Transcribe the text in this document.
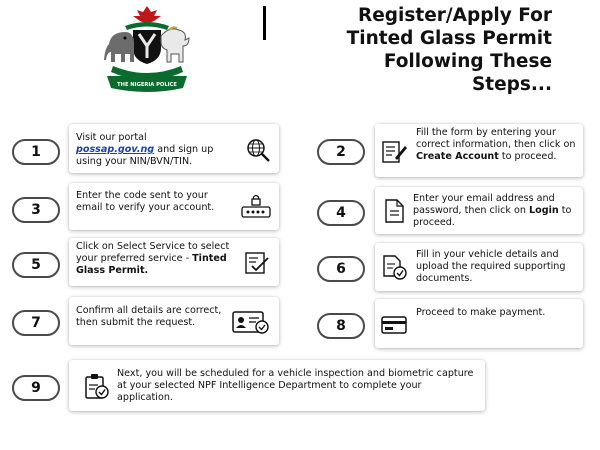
THE NIGERIA POLICE
Register/Apply For
Tinted Glass Permit
Following These
Steps...
1

Visit our portal
possap.gov.ng and sign up using your NIN/BVN/TIN.

2

Fill the form by entering your correct information, then click on Create Account to proceed.

3

Enter the code sent to your email to verify your account.	4

Enter your email address and password, then click on Login to proceed.

5

Click on Select Service to select your preferred service - Tinted Glass Permit.	6

Fill in your vehicle details and upload the required supporting documents.

7

Confirm all details are correct, then submit the request.	8

Proceed to make payment.

9

Next, you will be scheduled for a vehicle inspection and biometric capture at your selected NPF Intelligence Department to complete your application.
